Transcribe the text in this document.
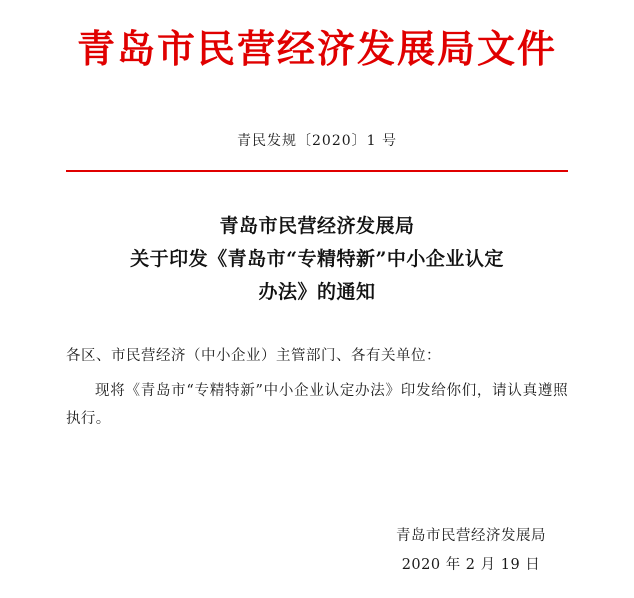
青岛市民营经济发展局文件
青民发规〔2020〕1 号
青岛市民营经济发展局
关于印发《青岛市“专精特新”中小企业认定
办法》的通知
各区、市民营经济（中小企业）主管部门、各有关单位：
现将《青岛市“专精特新”中小企业认定办法》印发给你们，请认真遵照执行。
青岛市民营经济发展局
2020 年 2 月 19 日
